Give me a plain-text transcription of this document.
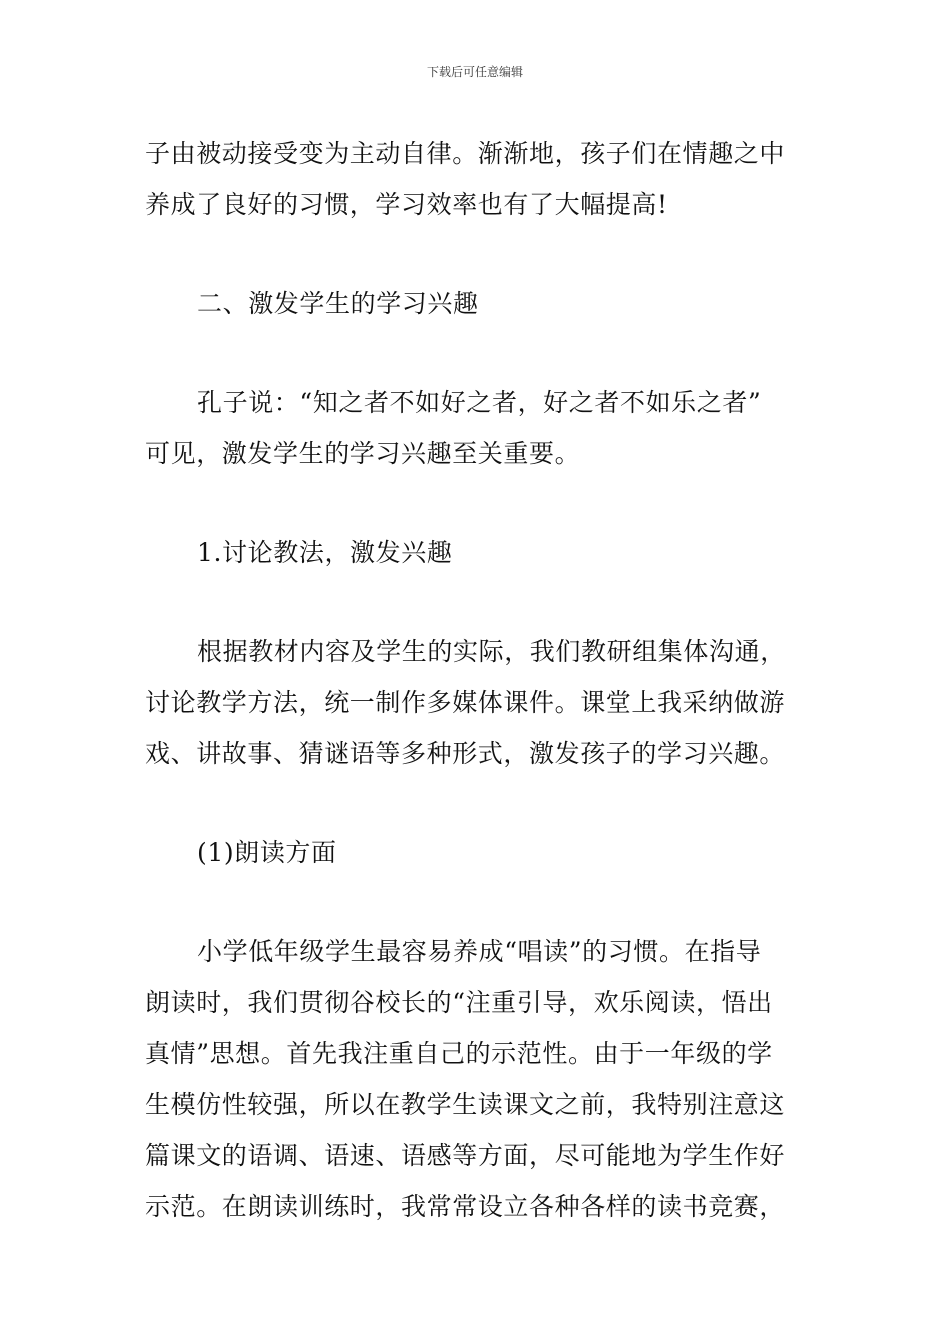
下载后可任意编辑
子由被动接受变为主动自律。渐渐地，孩子们在情趣之中
养成了良好的习惯，学习效率也有了大幅提高!
二、激发学生的学习兴趣
孔子说：“知之者不如好之者，好之者不如乐之者”
可见，激发学生的学习兴趣至关重要。
1.讨论教法，激发兴趣
根据教材内容及学生的实际，我们教研组集体沟通，
讨论教学方法，统一制作多媒体课件。课堂上我采纳做游
戏、讲故事、猜谜语等多种形式，激发孩子的学习兴趣。
(1)朗读方面
小学低年级学生最容易养成“唱读”的习惯。在指导
朗读时，我们贯彻谷校长的“注重引导，欢乐阅读，悟出
真情”思想。首先我注重自己的示范性。由于一年级的学
生模仿性较强，所以在教学生读课文之前，我特别注意这
篇课文的语调、语速、语感等方面，尽可能地为学生作好
示范。在朗读训练时，我常常设立各种各样的读书竞赛，
